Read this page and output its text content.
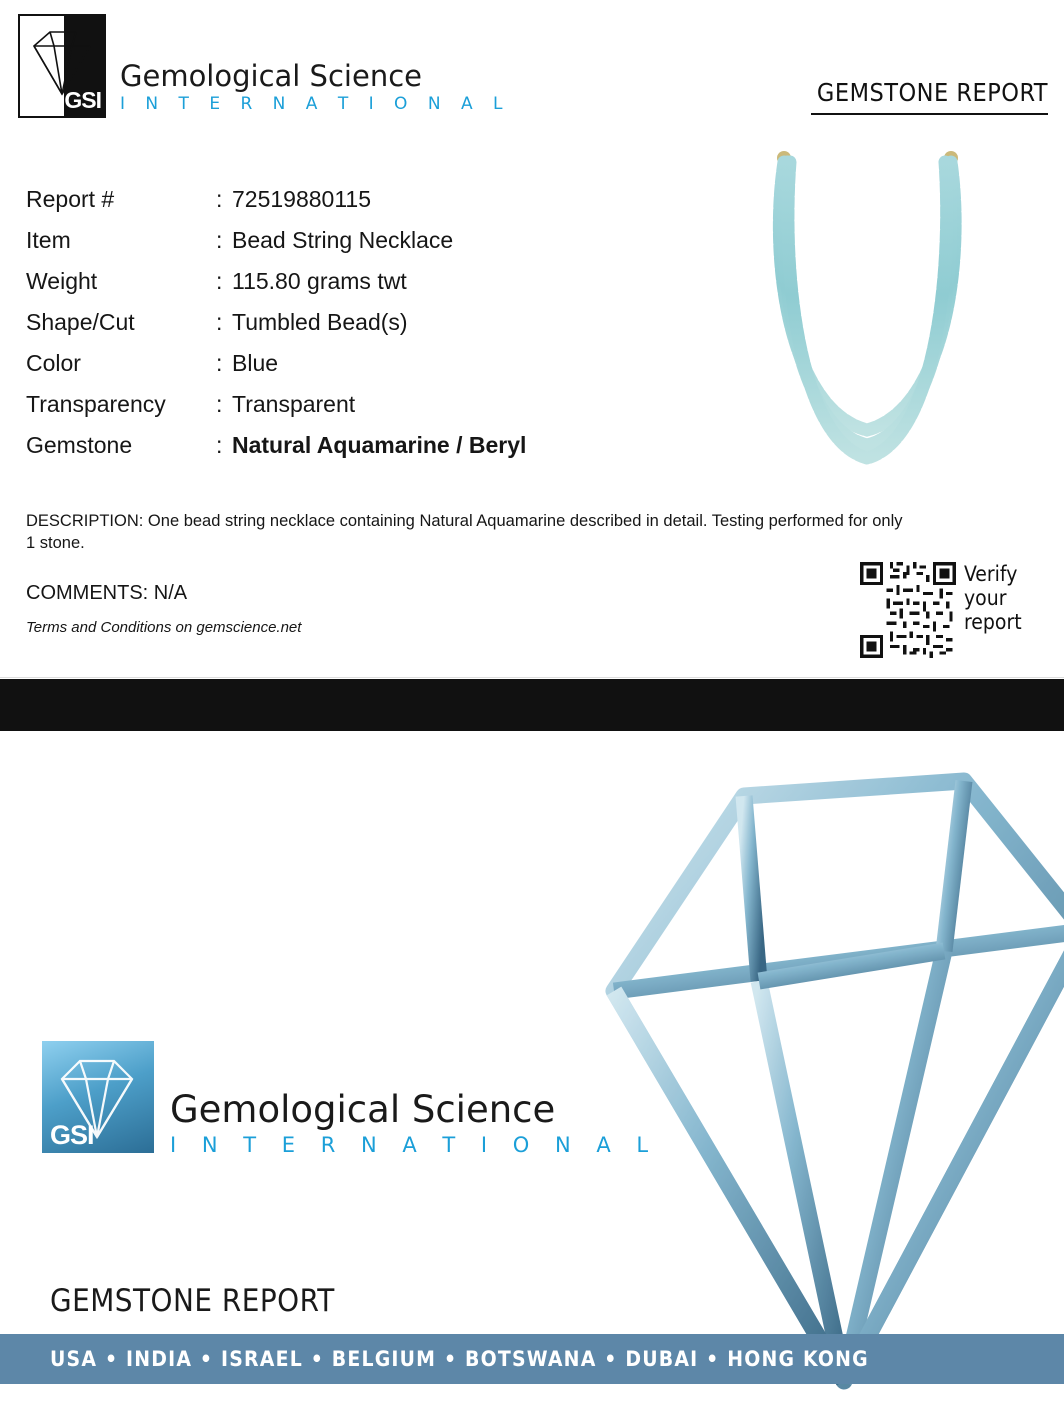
GSI
Gemological Science
I N T E R N A T I O N A L	GEMSTONE REPORT
Report #	: 72519880115
Item	: Bead String Necklace
Weight	: 115.80 grams twt
Shape/Cut	: Tumbled Bead(s)
Color	: Blue
Transparency	: Transparent
Gemstone	: Natural Aquamarine / Beryl
DESCRIPTION: One bead string necklace containing Natural Aquamarine described in detail. Testing performed for only 1 stone.
COMMENTS: N/A
Terms and Conditions on gemscience.net
Verify
your
report
GSI
Gemological Science
I N T E R N A T I O N A L
GEMSTONE REPORT
USA • INDIA • ISRAEL • BELGIUM • BOTSWANA • DUBAI • HONG KONG
